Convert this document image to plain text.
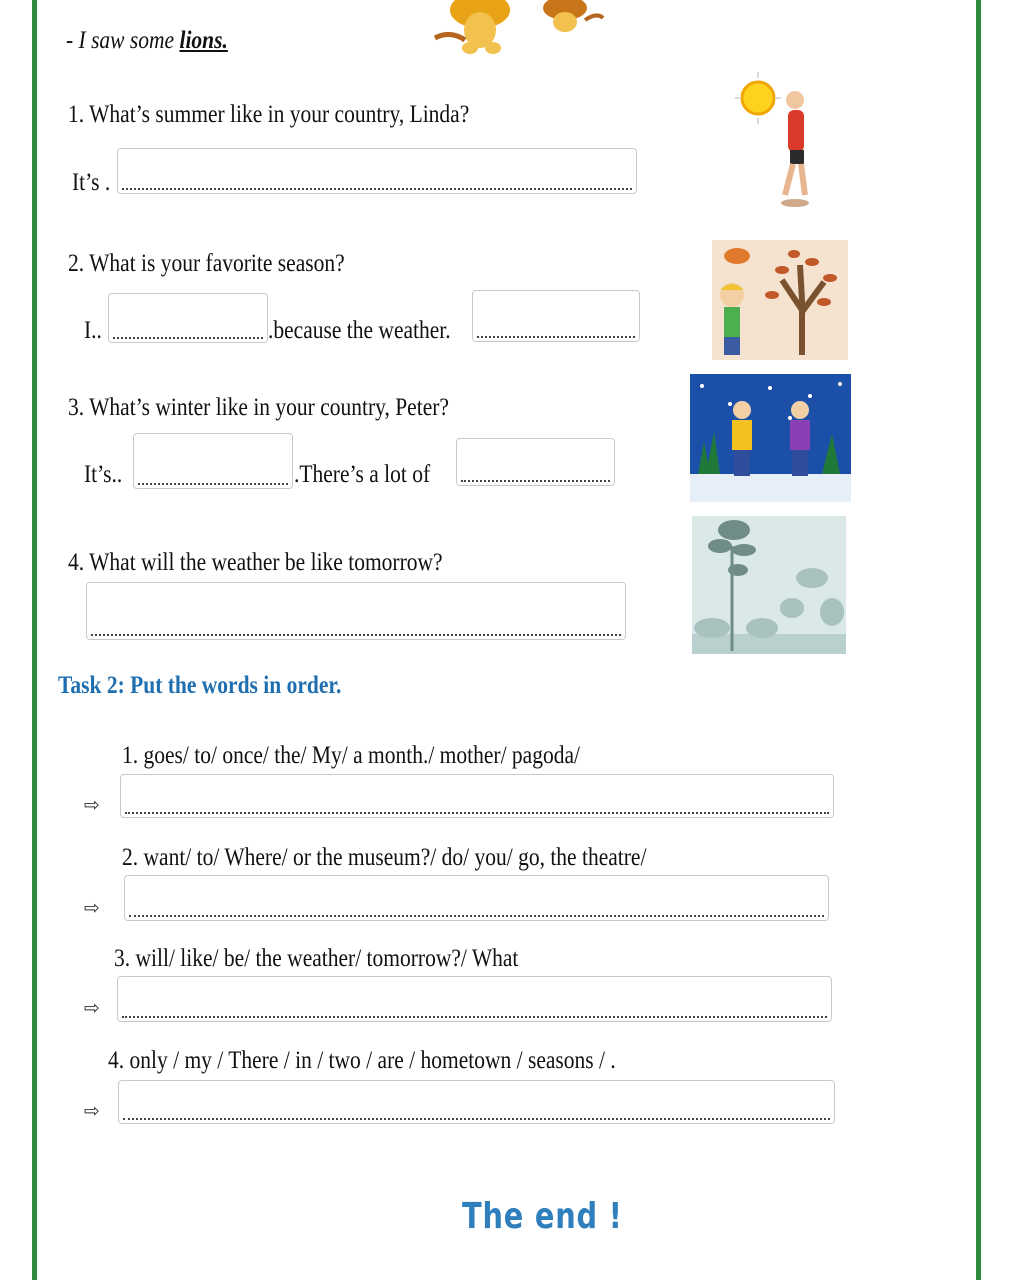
- I saw some lions.
1. What’s summer like in your country, Linda?
It’s .
2. What is your favorite season?
I..	.because the weather.
3. What’s winter like in your country, Peter?
It’s..	.There’s a lot of
4. What will the weather be like tomorrow?
Task 2: Put the words in order.
1. goes/ to/ once/ the/ My/ a month./ mother/ pagoda/
⇨
2. want/ to/ Where/ or the museum?/ do/ you/ go, the theatre/
⇨
3. will/ like/ be/ the weather/ tomorrow?/ What
⇨
4. only / my / There / in / two / are / hometown / seasons / .
⇨
The end !
